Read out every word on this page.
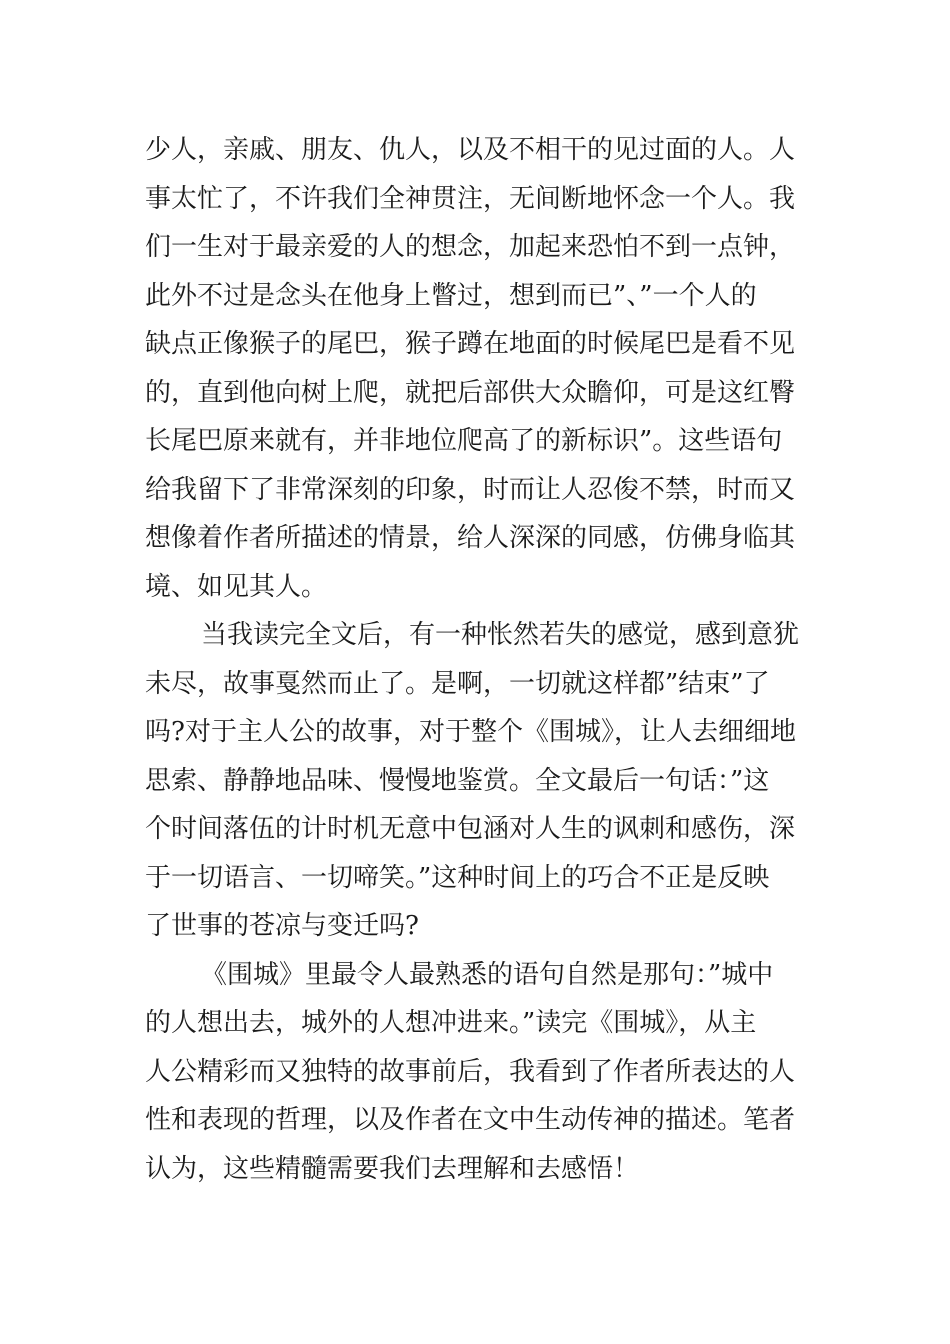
少人，亲戚、朋友、仇人，以及不相干的见过面的人。人
事太忙了，不许我们全神贯注，无间断地怀念一个人。我
们一生对于最亲爱的人的想念，加起来恐怕不到一点钟，
此外不过是念头在他身上瞥过，想到而已”、”一个人的
缺点正像猴子的尾巴，猴子蹲在地面的时候尾巴是看不见
的，直到他向树上爬，就把后部供大众瞻仰，可是这红臀
长尾巴原来就有，并非地位爬高了的新标识”。这些语句
给我留下了非常深刻的印象，时而让人忍俊不禁，时而又
想像着作者所描述的情景，给人深深的同感，仿佛身临其
境、如见其人。
当我读完全文后，有一种怅然若失的感觉，感到意犹
未尽，故事戛然而止了。是啊，一切就这样都”结束”了
吗?对于主人公的故事，对于整个《围城》，让人去细细地
思索、静静地品味、慢慢地鉴赏。全文最后一句话：”这
个时间落伍的计时机无意中包涵对人生的讽刺和感伤，深
于一切语言、一切啼笑。”这种时间上的巧合不正是反映
了世事的苍凉与变迁吗?
《围城》里最令人最熟悉的语句自然是那句：”城中
的人想出去，城外的人想冲进来。”读完《围城》，从主
人公精彩而又独特的故事前后，我看到了作者所表达的人
性和表现的哲理，以及作者在文中生动传神的描述。笔者
认为，这些精髓需要我们去理解和去感悟！
